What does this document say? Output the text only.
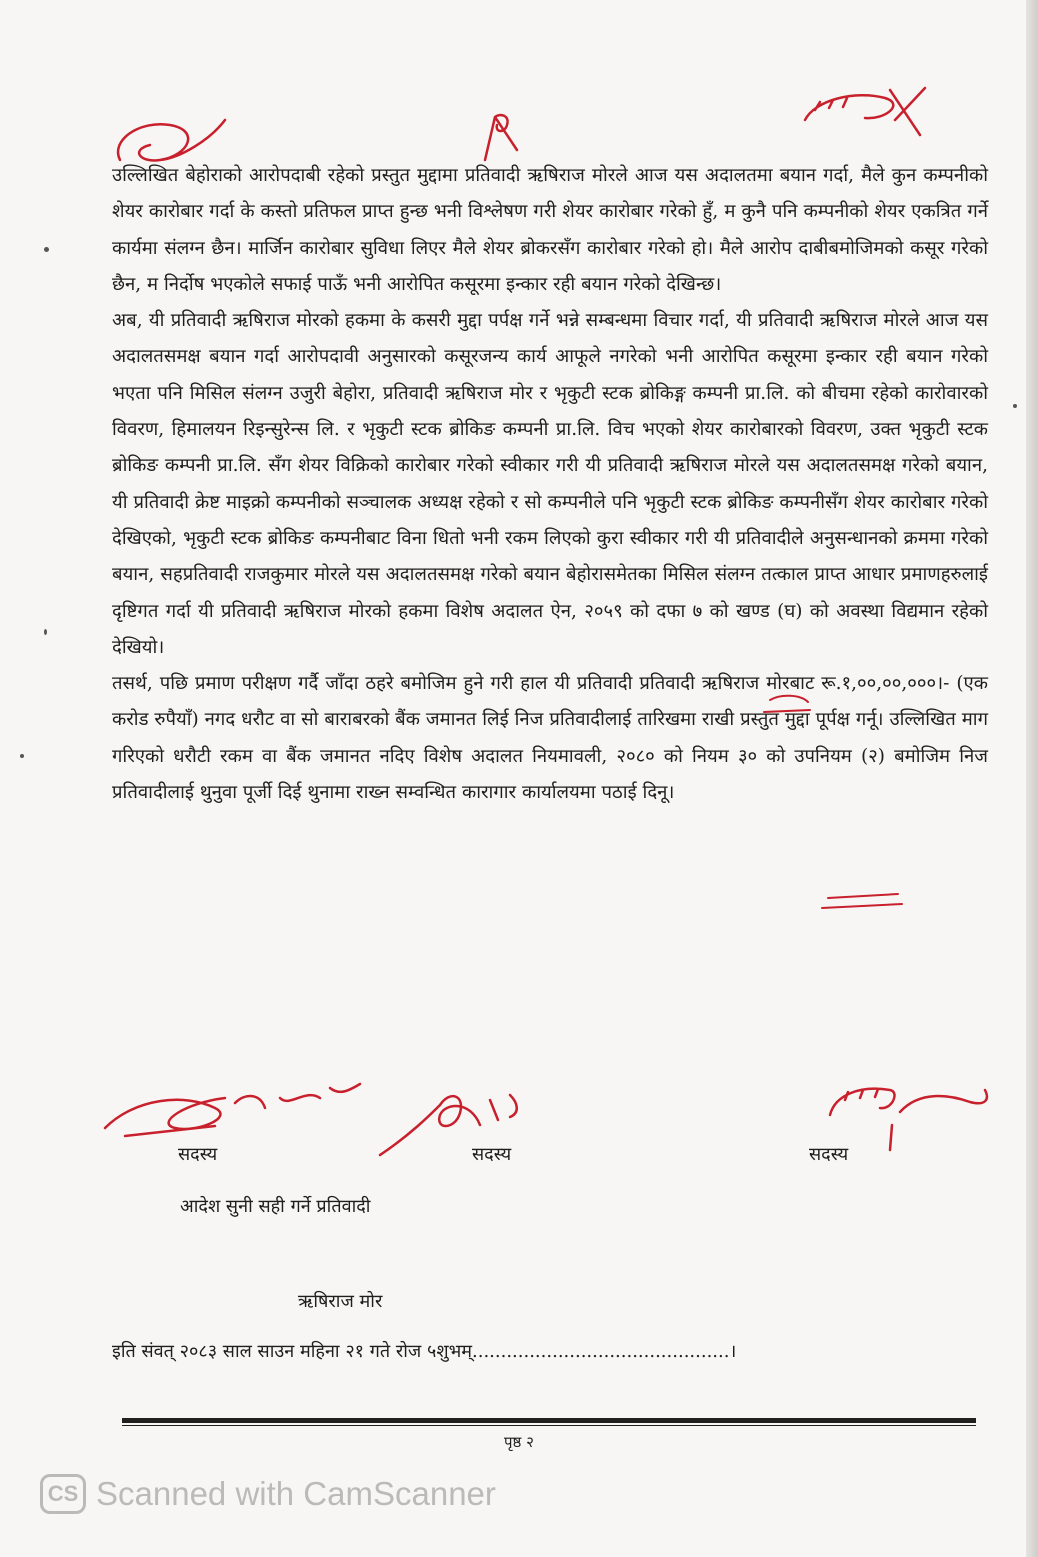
उल्लिखित बेहोराको आरोपदाबी रहेको प्रस्तुत मुद्दामा प्रतिवादी ऋषिराज मोरले आज यस अदालतमा बयान गर्दा, मैले कुन कम्पनीको शेयर कारोबार गर्दा के कस्तो प्रतिफल प्राप्त हुन्छ भनी विश्लेषण गरी शेयर कारोबार गरेको हुँ, म कुनै पनि कम्पनीको शेयर एकत्रित गर्ने कार्यमा संलग्न छैन। मार्जिन कारोबार सुविधा लिएर मैले शेयर ब्रोकरसँग कारोबार गरेको हो। मैले आरोप दाबीबमोजिमको कसूर गरेको छैन, म निर्दोष भएकोले सफाई पाऊँ भनी आरोपित कसूरमा इन्कार रही बयान गरेको देखिन्छ।

अब, यी प्रतिवादी ऋषिराज मोरको हकमा के कसरी मुद्दा पर्पक्ष गर्ने भन्ने सम्बन्धमा विचार गर्दा, यी प्रतिवादी ऋषिराज मोरले आज यस अदालतसमक्ष बयान गर्दा आरोपदावी अनुसारको कसूरजन्य कार्य आफूले नगरेको भनी आरोपित कसूरमा इन्कार रही बयान गरेको भएता पनि मिसिल संलग्न उजुरी बेहोरा, प्रतिवादी ऋषिराज मोर र भृकुटी स्टक ब्रोकिङ्ग कम्पनी प्रा.लि. को बीचमा रहेको कारोवारको विवरण, हिमालयन रिइन्सुरेन्स लि. र भृकुटी स्टक ब्रोकिङ कम्पनी प्रा.लि. विच भएको शेयर कारोबारको विवरण, उक्त भृकुटी स्टक ब्रोकिङ कम्पनी प्रा.लि. सँग शेयर विक्रिको कारोबार गरेको स्वीकार गरी यी प्रतिवादी ऋषिराज मोरले यस अदालतसमक्ष गरेको बयान, यी प्रतिवादी क्रेष्ट माइक्रो कम्पनीको सञ्चालक अध्यक्ष रहेको र सो कम्पनीले पनि भृकुटी स्टक ब्रोकिङ कम्पनीसँग शेयर कारोबार गरेको देखिएको, भृकुटी स्टक ब्रोकिङ कम्पनीबाट विना धितो भनी रकम लिएको कुरा स्वीकार गरी यी प्रतिवादीले अनुसन्धानको क्रममा गरेको बयान, सहप्रतिवादी राजकुमार मोरले यस अदालतसमक्ष गरेको बयान बेहोरासमेतका मिसिल संलग्न तत्काल प्राप्त आधार प्रमाणहरुलाई दृष्टिगत गर्दा यी प्रतिवादी ऋषिराज मोरको हकमा विशेष अदालत ऐन, २०५९ को दफा ७ को खण्ड (घ) को अवस्था विद्यमान रहेको देखियो।

तसर्थ, पछि प्रमाण परीक्षण गर्दै जाँदा ठहरे बमोजिम हुने गरी हाल यी प्रतिवादी प्रतिवादी ऋषिराज मोरबाट रू.१,००,००,०००।- (एक करोड रुपैयाँ) नगद धरौट वा सो बाराबरको बैंक जमानत लिई निज प्रतिवादीलाई तारिखमा राखी प्रस्तुत मुद्दा पूर्पक्ष गर्नू। उल्लिखित माग गरिएको धरौटी रकम वा बैंक जमानत नदिए विशेष अदालत नियमावली, २०८० को नियम ३० को उपनियम (२) बमोजिम निज प्रतिवादीलाई थुनुवा पूर्जी दिई थुनामा राख्न सम्वन्धित कारागार कार्यालयमा पठाई दिनू।

सदस्य	सदस्य	सदस्य
आदेश सुनी सही गर्ने प्रतिवादी
ऋषिराज मोर
इति संवत् २०८३ साल साउन महिना २१ गते रोज ५शुभम्.............................................।
पृष्ठ २
CS Scanned with CamScanner
